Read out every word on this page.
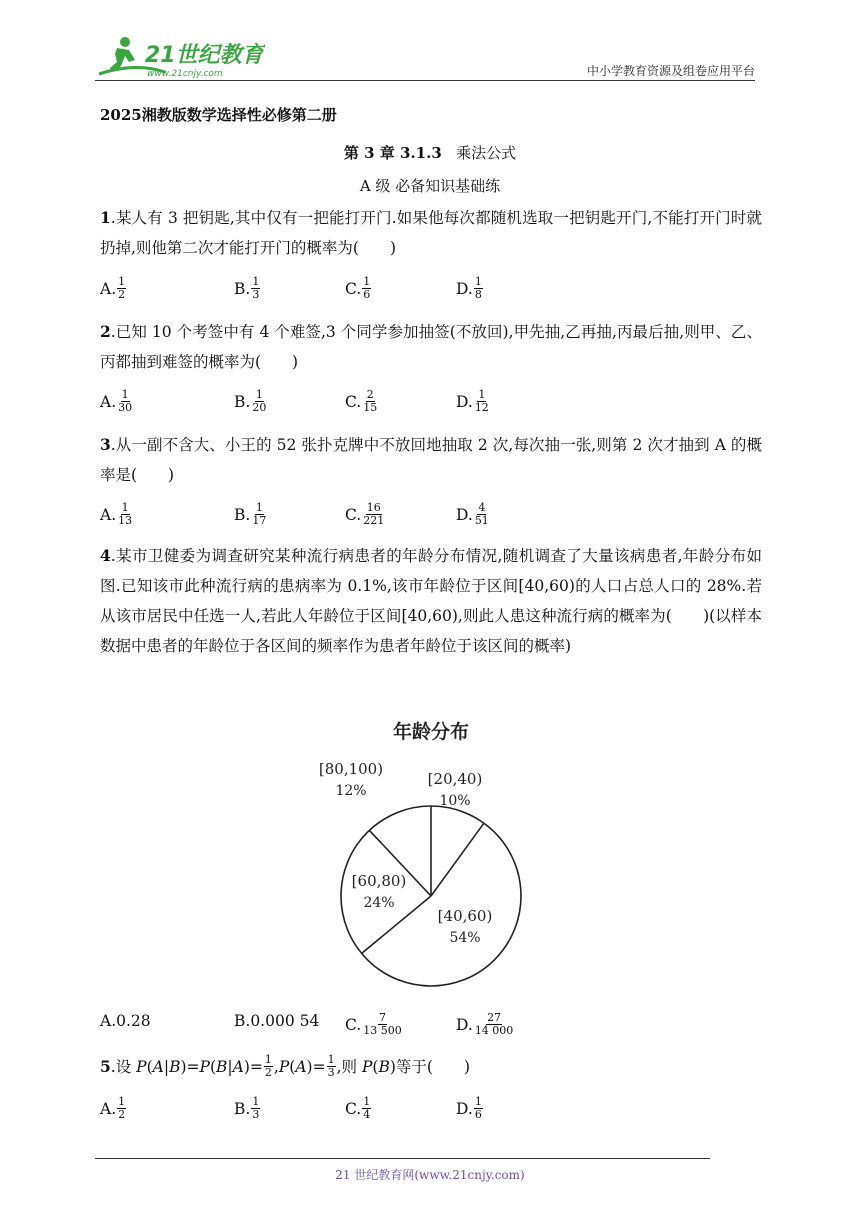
21世纪教育
www.21cnjy.com	中小学教育资源及组卷应用平台
2025湘教版数学选择性必修第二册
第 3 章 3.1.3 乘法公式
A 级 必备知识基础练
1.某人有 3 把钥匙,其中仅有一把能打开门.如果他每次都随机选取一把钥匙开门,不能打开门时就扔掉,则他第二次才能打开门的概率为(　　)
A. $\frac{1}{2}$	B. $\frac{1}{3}$	C. $\frac{1}{6}$	D. $\frac{1}{8}$
2.已知 10 个考签中有 4 个难签,3 个同学参加抽签(不放回),甲先抽,乙再抽,丙最后抽,则甲、乙、丙都抽到难签的概率为(　　)
A. $\frac{1}{30}$	B. $\frac{1}{20}$	C. $\frac{2}{15}$	D. $\frac{1}{12}$
3.从一副不含大、小王的 52 张扑克牌中不放回地抽取 2 次,每次抽一张,则第 2 次才抽到 A 的概率是(　　)
A. $\frac{1}{13}$	B. $\frac{1}{17}$	C. $\frac{16}{221}$	D. $\frac{4}{51}$
4.某市卫健委为调查研究某种流行病患者的年龄分布情况,随机调查了大量该病患者,年龄分布如图.已知该市此种流行病的患病率为 0.1%,该市年龄位于区间[40,60)的人口占总人口的 28%.若从该市居民中任选一人,若此人年龄位于区间[40,60),则此人患这种流行病的概率为(　　)(以样本数据中患者的年龄位于各区间的频率作为患者年龄位于该区间的概率)
年龄分布
[20,40)
10%
[40,60)
54%
[60,80)
24%
[80,100)
12%
A.0.28	B.0.000 54 C. $\frac{7}{13 500}$	D. $\frac{27}{14 000}$
5.设 $P(A|B)=P(B|A)= \frac{1}{2} ,P(A)= \frac{1}{3}$ ,则 P(B)等于(　　)
A. $\frac{1}{2}$	B. $\frac{1}{3}$	C. $\frac{1}{4}$	D. $\frac{1}{6}$
21 世纪教育网(www.21cnjy.com)
